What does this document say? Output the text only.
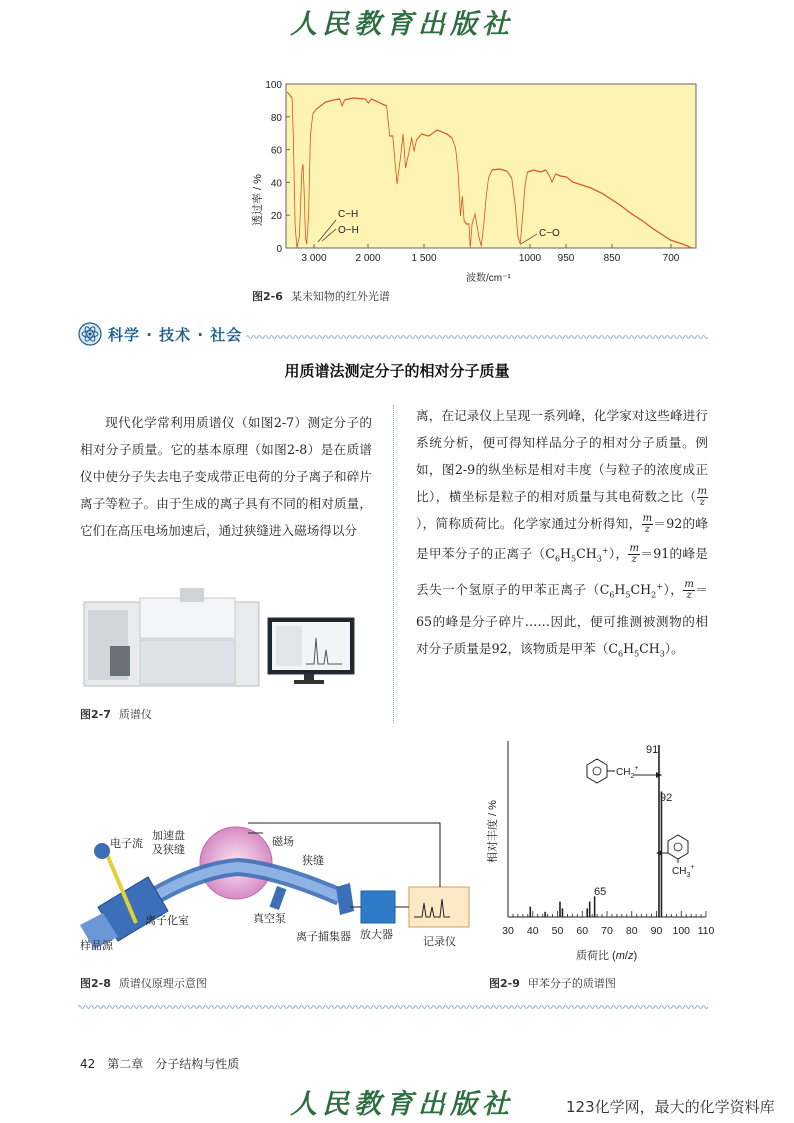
人民教育出版社
100
80
60
40
20
0
3 000	2 000	1 500	1000 950	850	700
透过率 / %
波数/cm⁻¹
C−H
O−H	C−O
图2-6 某未知物的红外光谱
科学 · 技术 · 社会
用质谱法测定分子的相对分子质量

现代化学常利用质谱仪（如图2-7）测定分子的相对分子质量。它的基本原理（如图2-8）是在质谱仪中使分子失去电子变成带正电荷的分子离子和碎片离子等粒子。由于生成的离子具有不同的相对质量，它们在高压电场加速后，通过狭缝进入磁场得以分

离，在记录仪上呈现一系列峰，化学家对这些峰进行系统分析，便可得知样品分子的相对分子质量。例如，图2-9的纵坐标是相对丰度（与粒子的浓度成正比），横坐标是粒子的相对质量与其电荷数之比（ $\frac{m}{z}$
），简称质荷比。化学家通过分析得知， $\frac{m}{z} =92$的峰是甲苯分子的正离子$(C_6H_5CH_3^+)$， $\frac{m}{z} =91$的峰是丢失一个氢原子的甲苯正离子$(C_6H_5CH_2^+)$， $\frac{m}{z} =65$的峰是分子碎片……因此，便可推测被测物的相对分子质量是92，该物质是甲苯$(C_6H_5CH_3)$。

图2-7 质谱仪
电子流
加速盘
及狭缝
磁场
狭缝
真空泵
离子化室
样品源
离子捕集器 放大器
记录仪
图2-8 质谱仪原理示意图
30 40 50 60 70 80 90 100 110
相对丰度 / %
91
92
65
$CH_2^+$
$CH_3^+$
质荷比 (m/z)
图2-9 甲苯分子的质谱图
42 第二章 分子结构与性质
人民教育出版社	123化学网，最大的化学资料库
